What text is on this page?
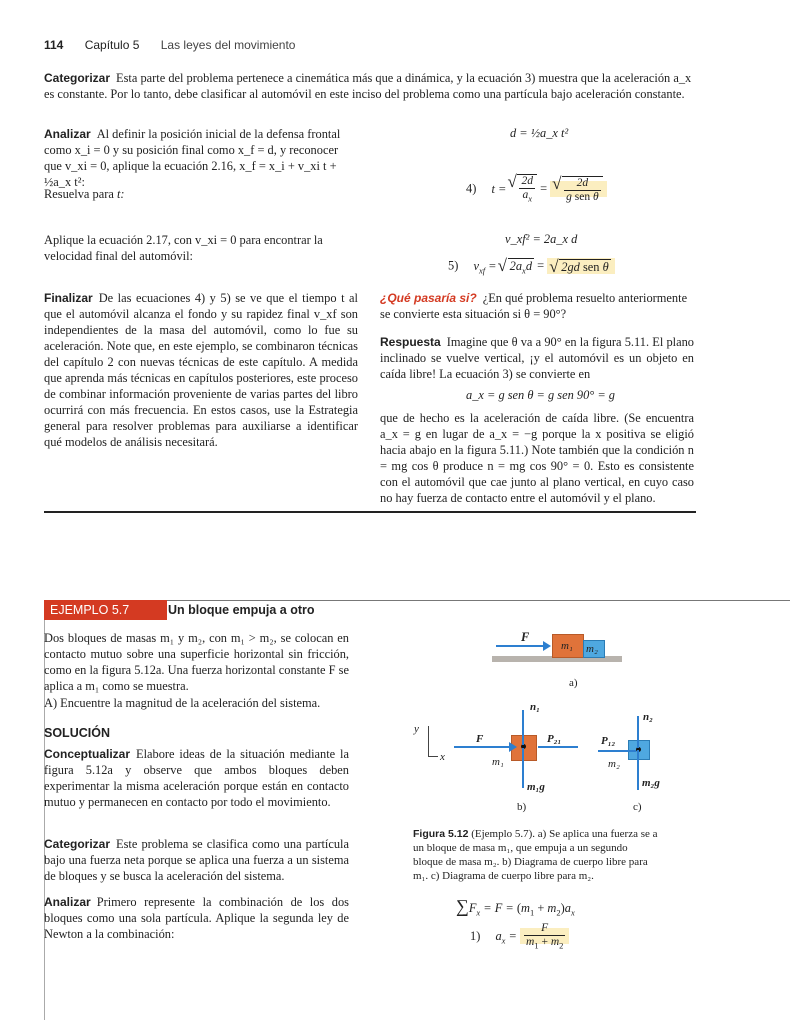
114 Capítulo 5 Las leyes del movimiento

Categorizar Esta parte del problema pertenece a cinemática más que a dinámica, y la ecuación 3) muestra que la aceleración a_x es constante. Por lo tanto, debe clasificar al automóvil en este inciso del problema como una partícula bajo aceleración constante.

Analizar Al definir la posición inicial de la defensa frontal como x_i = 0 y su posición final como x_f = d, y reconocer que v_xi = 0, aplique la ecuación 2.16, x_f = x_i + v_xi t + ½a_x t²:

d = ½a_x t²
Resuelva para t:	4) t = √ $\frac{2d}{a_x}$ = √ $\frac{2d}{\text{g sen θ}}$

Aplique la ecuación 2.17, con v_xi = 0 para encontrar la velocidad final del automóvil:

v_xf² = 2a_x d
5) $v_{xf}$ = √ $2a_xd$ = √ 2gd sen θ

Finalizar De las ecuaciones 4) y 5) se ve que el tiempo t al que el automóvil alcanza el fondo y su rapidez final v_xf son independientes de la masa del automóvil, como lo fue su aceleración. Note que, en este ejemplo, se combinaron técnicas del capítulo 2 con nuevas técnicas de este capítulo. A medida que aprenda más técnicas en capítulos posteriores, este proceso de combinar información proveniente de varias partes del libro ocurrirá con más frecuencia. En estos casos, use la Estrategia general para resolver problemas para auxiliarse a identificar qué modelos de análisis necesitará.

¿Qué pasaría si? ¿En qué problema resuelto anteriormente se convierte esta situación si θ = 90°?

Respuesta Imagine que θ va a 90° en la figura 5.11. El plano inclinado se vuelve vertical, ¡y el automóvil es un objeto en caída libre! La ecuación 3) se convierte en

a_x = g sen θ = g sen 90° = g

que de hecho es la aceleración de caída libre. (Se encuentra a_x = g en lugar de a_x = −g porque la x positiva se eligió hacia abajo en la figura 5.11.) Note también que la condición n = mg cos θ produce n = mg cos 90° = 0. Esto es consistente con el automóvil que cae junto al plano vertical, en cuyo caso no hay fuerza de contacto entre el automóvil y el plano.

EJEMPLO 5.7	Un bloque empuja a otro

Dos bloques de masas m₁ y m₂, con m₁ > m₂, se colocan en contacto mutuo sobre una superficie horizontal sin fricción, como en la figura 5.12a. Una fuerza horizontal constante F se aplica a m₁ como se muestra.

A) Encuentre la magnitud de la aceleración del sistema.

SOLUCIÓN

Conceptualizar Elabore ideas de la situación mediante la figura 5.12a y observe que ambos bloques deben experimentar la misma aceleración porque están en contacto mutuo y permanecen en contacto por todo el movimiento.

Categorizar Este problema se clasifica como una partícula bajo una fuerza neta porque se aplica una fuerza a un sistema de bloques y se busca la aceleración del sistema.

Analizar Primero represente la combinación de los dos bloques como una sola partícula. Aplique la segunda ley de Newton a la combinación:

$\sum F_x = F = (m_1 + m_2)a_x$
1) $a_x = \frac{F}{m_1 + m_2}$
m₁ m₂
F
a)
y
x
n₁
F	P₂₁
m₁
m₁g
b)
n₂
P₁₂
m₂
m₂g
c)

Figura 5.12 (Ejemplo 5.7). a) Se aplica una fuerza se a un bloque de masa m₁, que empuja a un segundo bloque de masa m₂. b) Diagrama de cuerpo libre para m₁. c) Diagrama de cuerpo libre para m₂.
